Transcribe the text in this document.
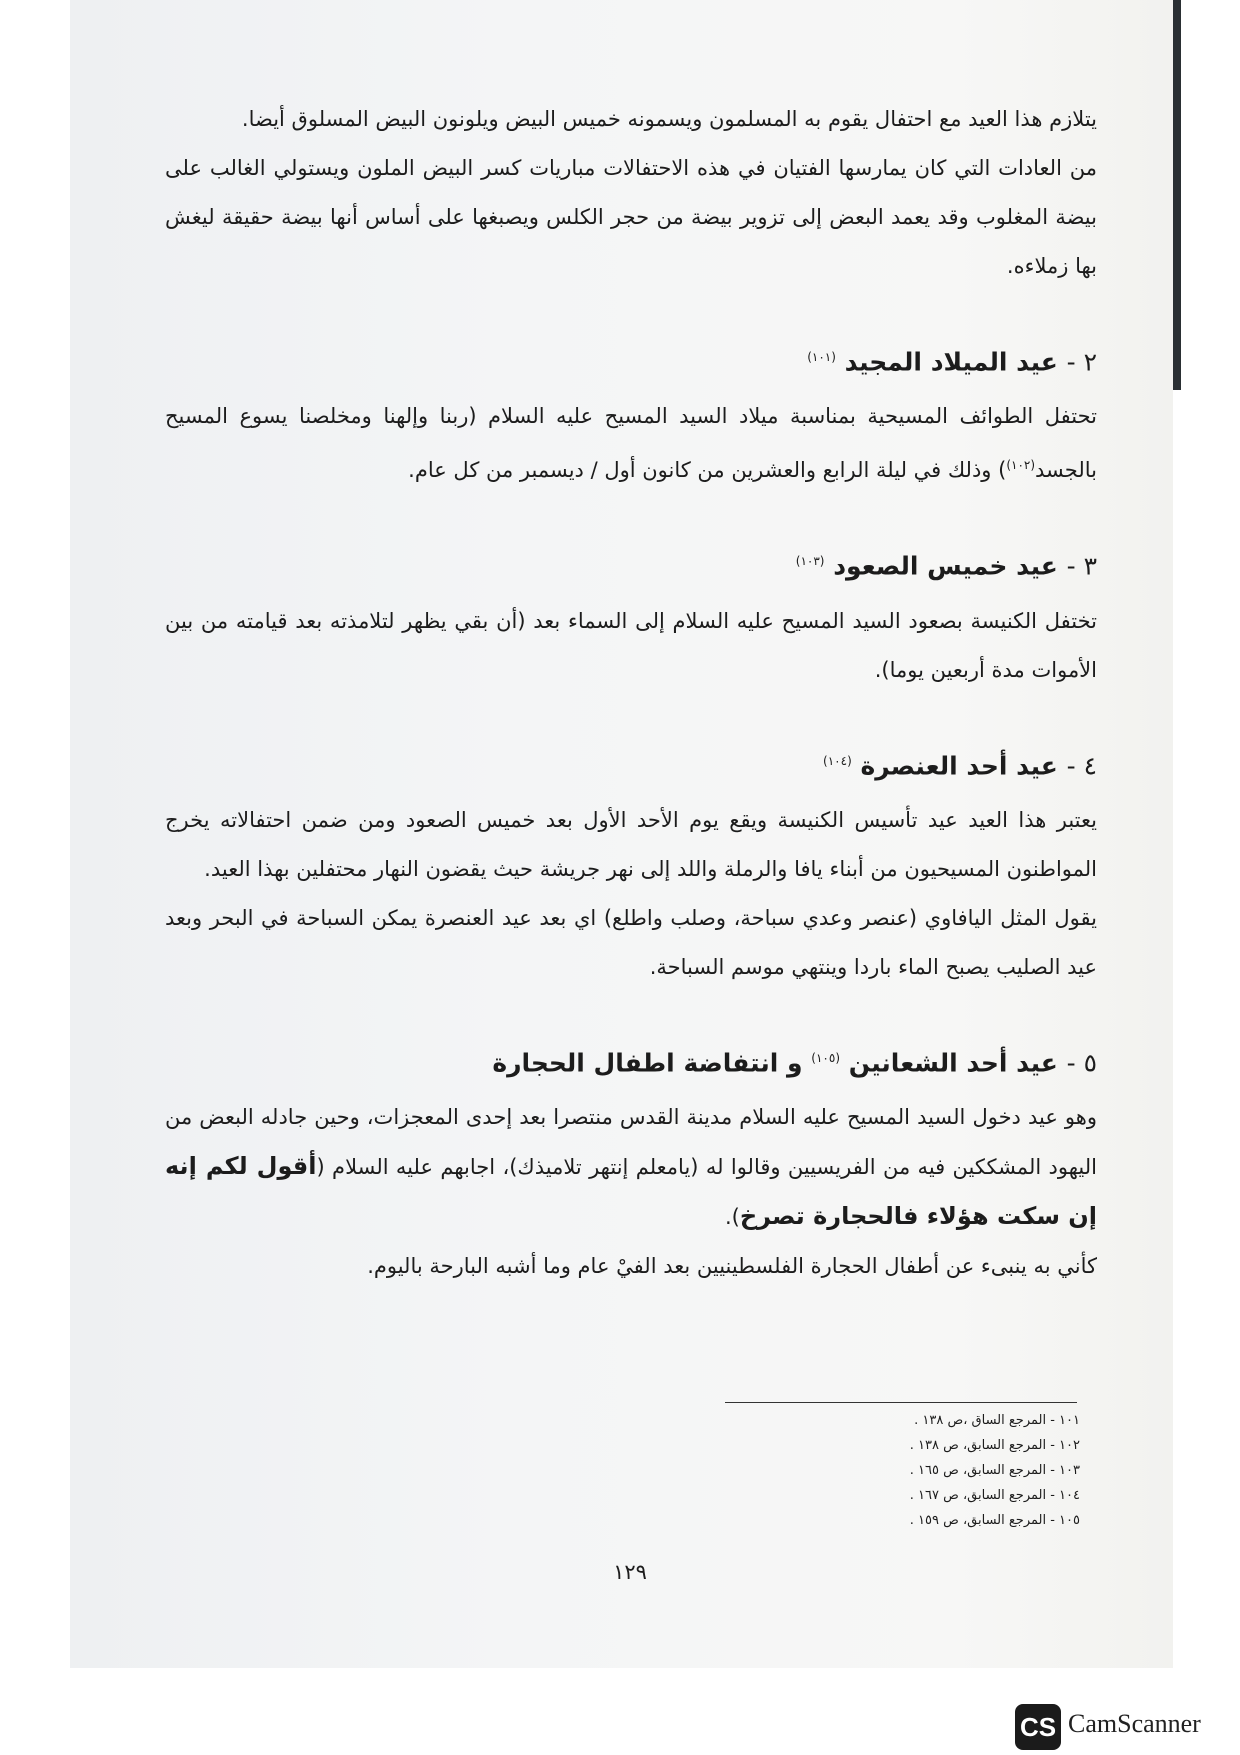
يتلازم هذا العيد مع احتفال يقوم به المسلمون ويسمونه خميس البيض ويلونون البيض المسلوق أيضا.

من العادات التي كان يمارسها الفتيان في هذه الاحتفالات مباريات كسر البيض الملون ويستولي الغالب على بيضة المغلوب وقد يعمد البعض إلى تزوير بيضة من حجر الكلس ويصبغها على أساس أنها بيضة حقيقة ليغش بها زملاءه.

٢ - عيد الميلاد المجيد $^{(١٠١)}$

تحتفل الطوائف المسيحية بمناسبة ميلاد السيد المسيح عليه السلام (ربنا وإلهنا ومخلصنا يسوع المسيح بالجسد$^{(١٠٢)}$) وذلك في ليلة الرابع والعشرين من كانون أول / ديسمبر من كل عام.

٣ - عيد خميس الصعود $^{(١٠٣)}$

تختفل الكنيسة بصعود السيد المسيح عليه السلام إلى السماء بعد (أن بقي يظهر لتلامذته بعد قيامته من بين الأموات مدة أربعين يوما).

٤ - عيد أحد العنصرة $^{(١٠٤)}$

يعتبر هذا العيد عيد تأسيس الكنيسة ويقع يوم الأحد الأول بعد خميس الصعود ومن ضمن احتفالاته يخرج المواطنون المسيحيون من أبناء يافا والرملة واللد إلى نهر جريشة حيث يقضون النهار محتفلين بهذا العيد.

يقول المثل اليافاوي (عنصر وعدي سباحة، وصلب واطلع) اي بعد عيد العنصرة يمكن السباحة في البحر وبعد عيد الصليب يصبح الماء باردا وينتهي موسم السباحة.

٥ - عيد أحد الشعانين $^{(١٠٥)}$ و انتفاضة اطفال الحجارة

وهو عيد دخول السيد المسيح عليه السلام مدينة القدس منتصرا بعد إحدى المعجزات، وحين جادله البعض من اليهود المشككين فيه من الفريسيين وقالوا له (يامعلم إنتهر تلاميذك)، اجابهم عليه السلام (أقول لكم إنه إن سكت هؤلاء فالحجارة تصرخ).

كأني به ينبىء عن أطفال الحجارة الفلسطينيين بعد الفيْ عام وما أشبه البارحة باليوم.

١٠١ - المرجع الساق ،ص ١٣٨ .
١٠٢ - المرجع السابق، ص ١٣٨ .
١٠٣ - المرجع السابق، ص ١٦٥ .
١٠٤ - المرجع السابق، ص ١٦٧ .
١٠٥ - المرجع السابق، ص ١٥٩ .
١٢٩
CS CamScanner
